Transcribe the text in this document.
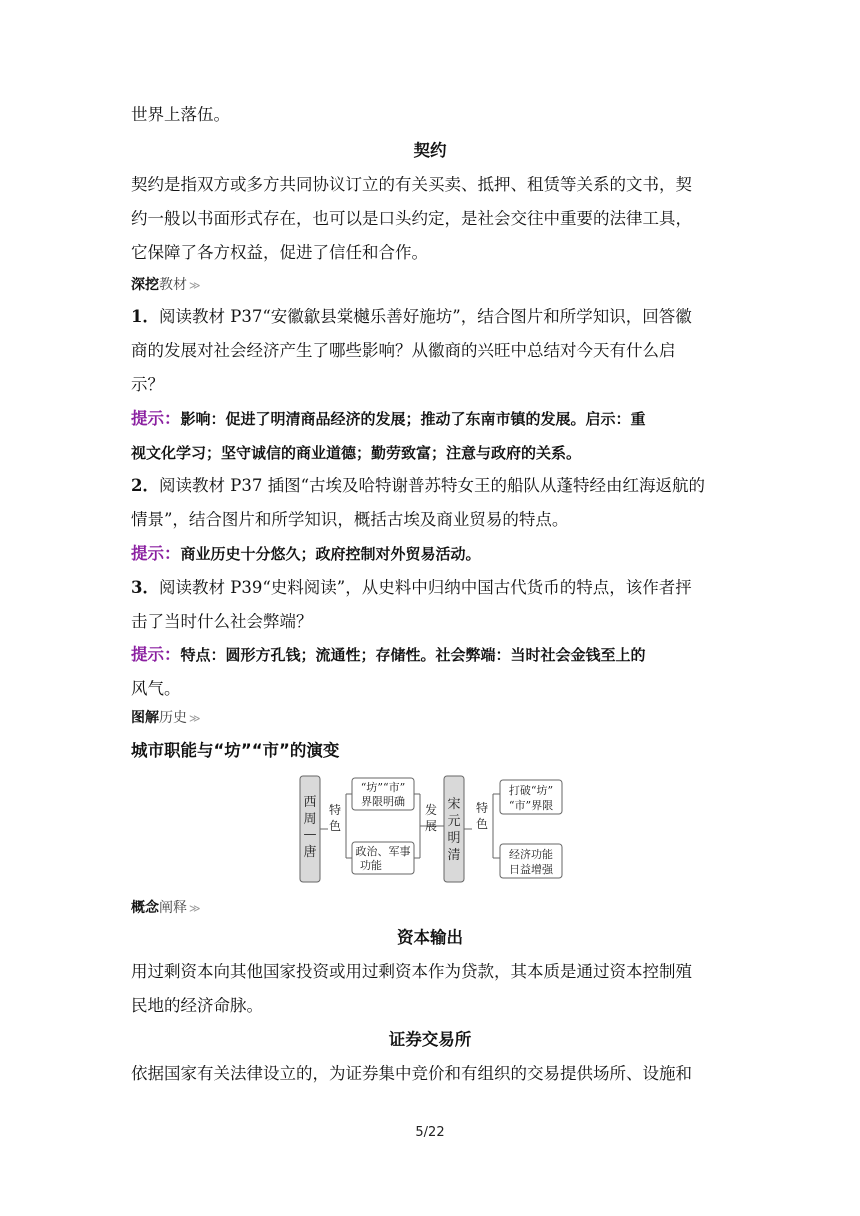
世界上落伍。
契约
契约是指双方或多方共同协议订立的有关买卖、抵押、租赁等关系的文书，契
约一般以书面形式存在，也可以是口头约定，是社会交往中重要的法律工具，
它保障了各方权益，促进了信任和合作。
深挖教材 ≫
1．阅读教材 P37“安徽歙县棠樾乐善好施坊”，结合图片和所学知识，回答徽
商的发展对社会经济产生了哪些影响？从徽商的兴旺中总结对今天有什么启
示？
提示：影响：促进了明清商品经济的发展；推动了东南市镇的发展。启示：重
视文化学习；坚守诚信的商业道德；勤劳致富；注意与政府的关系。
2．阅读教材 P37 插图“古埃及哈特谢普苏特女王的船队从蓬特经由红海返航的
情景”，结合图片和所学知识，概括古埃及商业贸易的特点。
提示：商业历史十分悠久；政府控制对外贸易活动。
3．阅读教材 P39“史料阅读”，从史料中归纳中国古代货币的特点，该作者抨
击了当时什么社会弊端？
提示：特点：圆形方孔钱；流通性；存储性。社会弊端：当时社会金钱至上的
风气。
图解历史 ≫
城市职能与“坊”“市”的演变
西
周
—
唐
特
色
“坊”“市”
界限明确
政治、军事
功能
发
展
宋
元
明
清
特
色
打破“坊”
“市”界限
经济功能
日益增强
概念阐释 ≫
资本输出
用过剩资本向其他国家投资或用过剩资本作为贷款，其本质是通过资本控制殖
民地的经济命脉。
证券交易所
依据国家有关法律设立的，为证券集中竞价和有组织的交易提供场所、设施和
5/22
